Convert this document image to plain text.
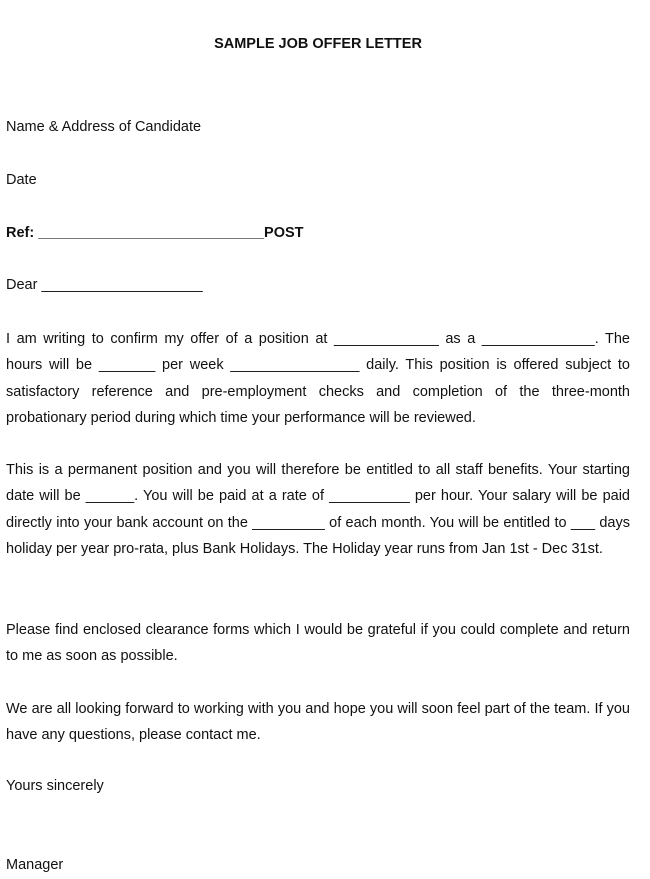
SAMPLE JOB OFFER LETTER

Name & Address of Candidate

Date

Ref: ____________________________POST

Dear ____________________

I am writing to confirm my offer of a position at _____________ as a ______________. The hours will be _______ per week ________________ daily. This position is offered subject to satisfactory reference and pre-employment checks and completion of the three-month probationary period during which time your performance will be reviewed.

This is a permanent position and you will therefore be entitled to all staff benefits. Your starting date will be ______. You will be paid at a rate of __________ per hour. Your salary will be paid directly into your bank account on the _________ of each month. You will be entitled to ___ days holiday per year pro-rata, plus Bank Holidays. The Holiday year runs from Jan 1st - Dec 31st.

Please find enclosed clearance forms which I would be grateful if you could complete and return to me as soon as possible.

We are all looking forward to working with you and hope you will soon feel part of the team. If you have any questions, please contact me.

Yours sincerely

Manager
